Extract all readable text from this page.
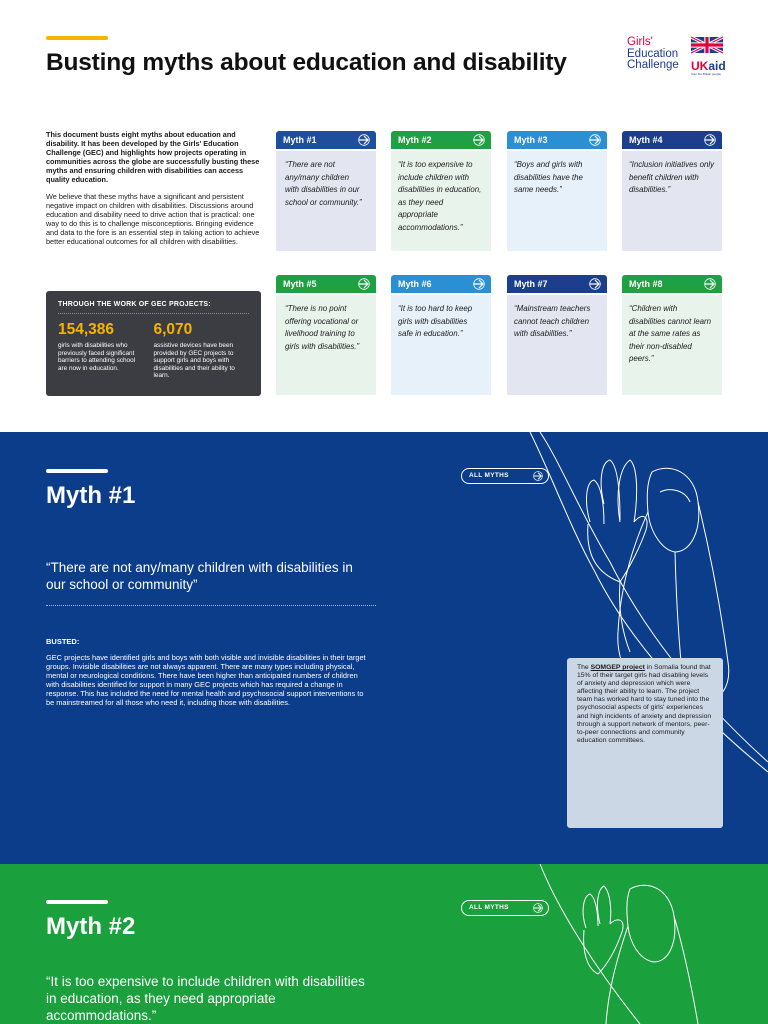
Busting myths about education and disability
Girls'
Education
Challenge	UKaid
from the British people

This document busts eight myths about education and disability. It has been developed by the Girls' Education Challenge (GEC) and highlights how projects operating in communities across the globe are successfully busting these myths and ensuring children with disabilities can access quality education.

We believe that these myths have a significant and persistent negative impact on children with disabilities. Discussions around education and disability need to drive action that is practical: one way to do this is to challenge misconceptions. Bringing evidence and data to the fore is an essential step in taking action to achieve better educational outcomes for all children with disabilities.

THROUGH THE WORK OF GEC PROJECTS:
154,386
girls with disabilities who previously faced significant barriers to attending school are now in education.
6,070
assistive devices have been provided by GEC projects to support girls and boys with disabilities and their ability to learn.
Myth #1
“There are not any/many children with disabilities in our school or community.”
Myth #2
“It is too expensive to include children with disabilities in education, as they need appropriate accommodations.”
Myth #3
“Boys and girls with disabilities have the same needs.”
Myth #4
“Inclusion initiatives only benefit children with disabilities.”
Myth #5
“There is no point offering vocational or livelihood training to girls with disabilities.”
Myth #6
“It is too hard to keep girls with disabilities safe in education.”
Myth #7
“Mainstream teachers cannot teach children with disabilities.”
Myth #8
“Children with disabilities cannot learn at the same rates as their non-disabled peers.”
Myth #1
ALL MYTHS

“There are not any/many children with disabilities in our school or community”

BUSTED:

GEC projects have identified girls and boys with both visible and invisible disabilities in their target groups. Invisible disabilities are not always apparent. There are many types including physical, mental or neurological conditions. There have been higher than anticipated numbers of children with disabilities identified for support in many GEC projects which has required a change in response. This has included the need for mental health and psychosocial support interventions to be mainstreamed for all those who need it, including those with disabilities.

The SOMGEP project in Somalia found that 15% of their target girls had disabling levels of anxiety and depression which were affecting their ability to learn. The project team has worked hard to stay tuned into the psychosocial aspects of girls' experiences and high incidents of anxiety and depression through a support network of mentors, peer-to-peer connections and community education committees.
Myth #2
ALL MYTHS

“It is too expensive to include children with disabilities in education, as they need appropriate accommodations.”
